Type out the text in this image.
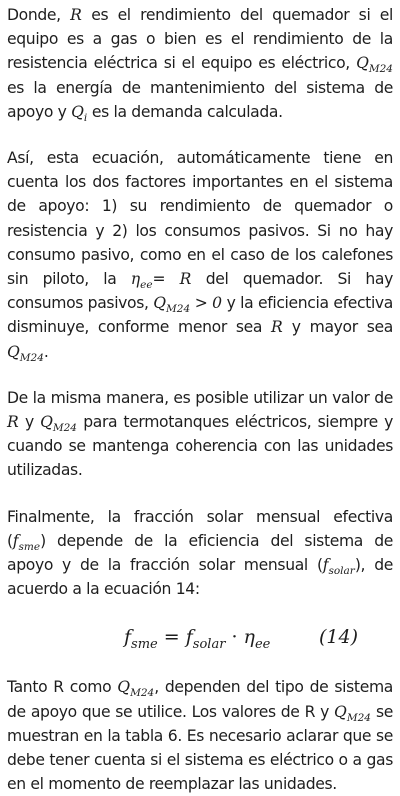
Donde, R es el rendimiento del quemador si el equipo es a gas o bien es el rendimiento de la resistencia eléctrica si el equipo es eléctrico, $Q_{M24}$ es la energía de mantenimiento del sistema de apoyo y $Q_i$ es la demanda calculada.

Así, esta ecuación, automáticamente tiene en cuenta los dos factores importantes en el sistema de apoyo: 1) su rendimiento de quemador o resistencia y 2) los consumos pasivos. Si no hay consumo pasivo, como en el caso de los calefones sin piloto, la $\eta_{ee}= R$ del quemador. Si hay consumos pasivos, $Q_{M24} > 0$ y la eficiencia efectiva disminuye, conforme menor sea R y mayor sea $Q_{M24}$.

De la misma manera, es posible utilizar un valor de R y $Q_{M24}$ para termotanques eléctricos, siempre y cuando se mantenga coherencia con las unidades utilizadas.

Finalmente, la fracción solar mensual efectiva $(f_{sme})$ depende de la eficiencia del sistema de apoyo y de la fracción solar mensual $(f_{solar})$, de acuerdo a la ecuación 14:

$f_{sme} = f_{solar} \cdot \eta_{ee}$	(14)

Tanto R como $Q_{M24}$, dependen del tipo de sistema de apoyo que se utilice. Los valores de R y $Q_{M24}$ se muestran en la tabla 6. Es necesario aclarar que se debe tener cuenta si el sistema es eléctrico o a gas en el momento de reemplazar las unidades.
